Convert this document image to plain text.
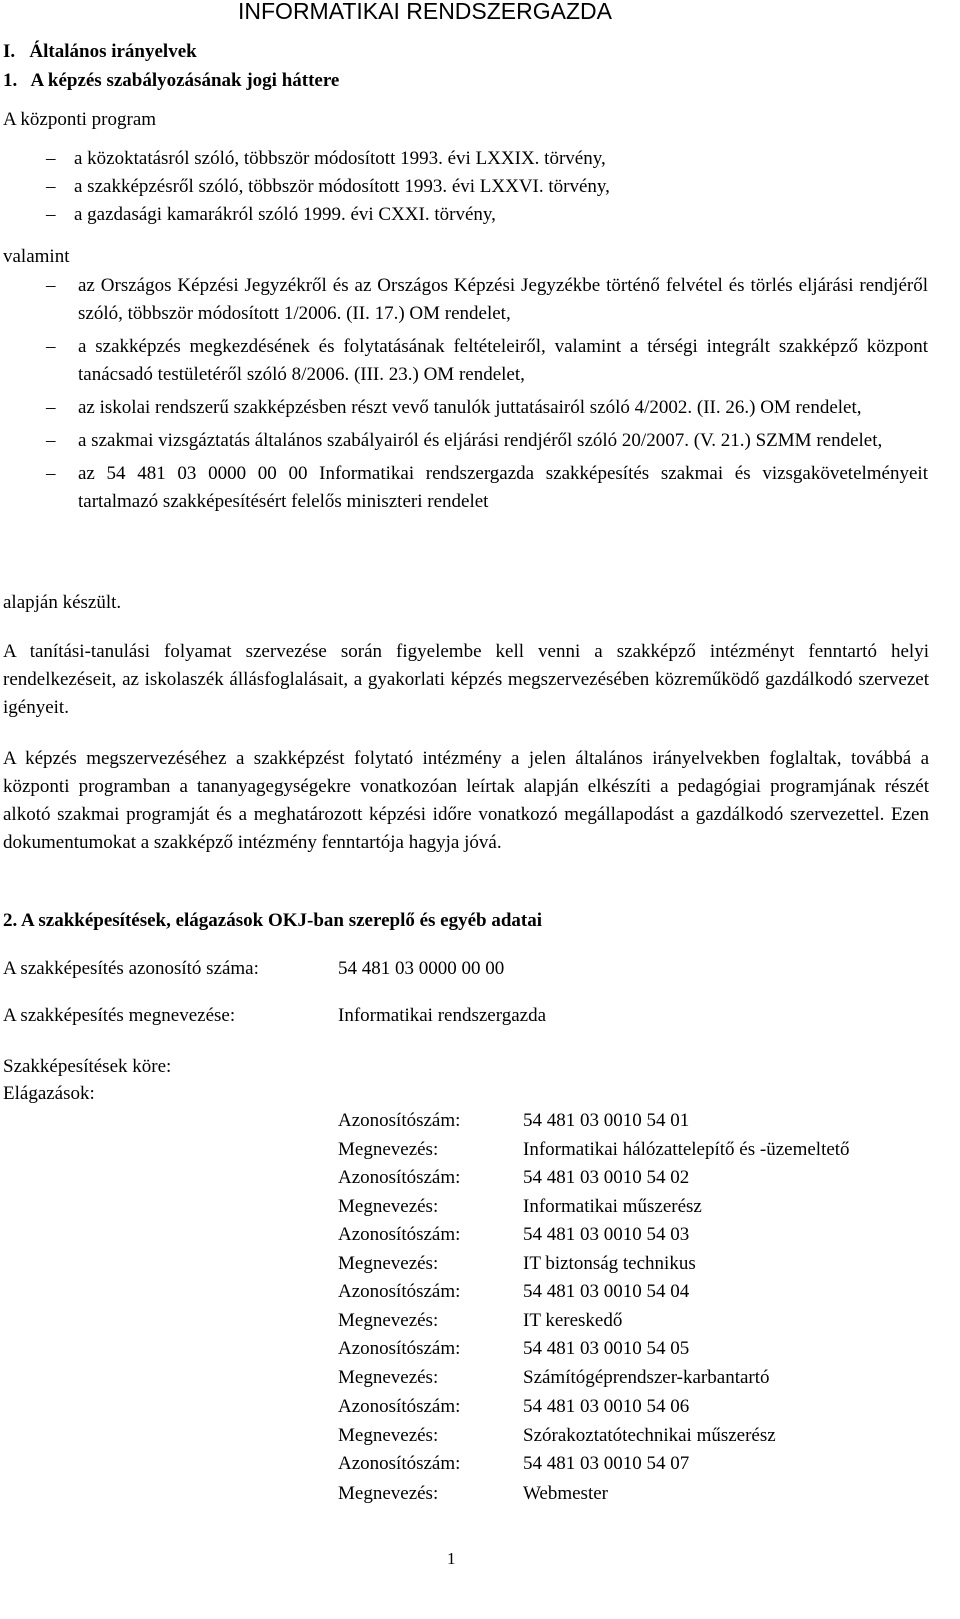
INFORMATIKAI RENDSZERGAZDA
I.   Általános irányelvek
1.   A képzés szabályozásának jogi háttere
A központi program
– a közoktatásról szóló, többször módosított 1993. évi LXXIX. törvény,
– a szakképzésről szóló, többször módosított 1993. évi LXXVI. törvény,
– a gazdasági kamarákról szóló 1999. évi CXXI. törvény,
valamint
– az Országos Képzési Jegyzékről és az Országos Képzési Jegyzékbe történő felvétel és törlés eljárási rendjéről szóló, többször módosított 1/2006. (II. 17.) OM rendelet,
– a szakképzés megkezdésének és folytatásának feltételeiről, valamint a térségi integrált szakképző központ tanácsadó testületéről szóló 8/2006. (III. 23.) OM rendelet,
– az iskolai rendszerű szakképzésben részt vevő tanulók juttatásairól szóló 4/2002. (II. 26.) OM rendelet,
– a szakmai vizsgáztatás általános szabályairól és eljárási rendjéről szóló 20/2007. (V. 21.) SZMM rendelet,
– az 54 481 03 0000 00 00 Informatikai rendszergazda szakképesítés szakmai és vizsgakövetelményeit tartalmazó szakképesítésért felelős miniszteri rendelet
alapján készült.
A tanítási-tanulási folyamat szervezése során figyelembe kell venni a szakképző intézményt fenntartó helyi rendelkezéseit, az iskolaszék állásfoglalásait, a gyakorlati képzés megszervezésében közreműködő gazdálkodó szervezet igényeit.
A képzés megszervezéséhez a szakképzést folytató intézmény a jelen általános irányelvekben foglaltak, továbbá a központi programban a tananyagegységekre vonatkozóan leírtak alapján elkészíti a pedagógiai programjának részét alkotó szakmai programját és a meghatározott képzési időre vonatkozó megállapodást a gazdálkodó szervezettel. Ezen dokumentumokat a szakképző intézmény fenntartója hagyja jóvá.
2. A szakképesítések, elágazások OKJ-ban szereplő és egyéb adatai
A szakképesítés azonosító száma:	54 481 03 0000 00 00
A szakképesítés megnevezése:	Informatikai rendszergazda
Szakképesítések köre:
Elágazások:
Azonosítószám:	54 481 03 0010 54 01
Megnevezés:	Informatikai hálózattelepítő és -üzemeltető
Azonosítószám:	54 481 03 0010 54 02
Megnevezés:	Informatikai műszerész
Azonosítószám:	54 481 03 0010 54 03
Megnevezés:	IT biztonság technikus
Azonosítószám:	54 481 03 0010 54 04
Megnevezés:	IT kereskedő
Azonosítószám:	54 481 03 0010 54 05
Megnevezés:	Számítógéprendszer-karbantartó
Azonosítószám:	54 481 03 0010 54 06
Megnevezés:	Szórakoztatótechnikai műszerész
Azonosítószám:	54 481 03 0010 54 07
Megnevezés:	Webmester
1
